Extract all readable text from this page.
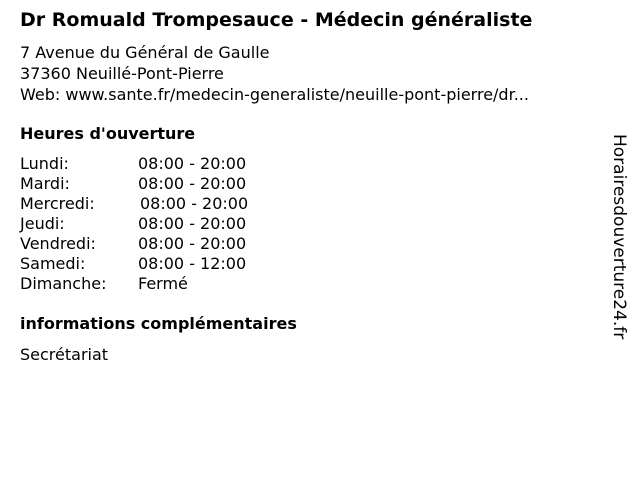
Dr Romuald Trompesauce - Médecin généraliste
7 Avenue du Général de Gaulle
37360 Neuillé-Pont-Pierre
Web: www.sante.fr/medecin-generaliste/neuille-pont-pierre/dr...
Heures d'ouverture
Lundi:	08:00 - 20:00
Mardi:	08:00 - 20:00
Mercredi:	08:00 - 20:00
Jeudi:	08:00 - 20:00
Vendredi:	08:00 - 20:00
Samedi:	08:00 - 12:00
Dimanche: Fermé
informations complémentaires
Secrétariat
Horairesdouverture24.fr
